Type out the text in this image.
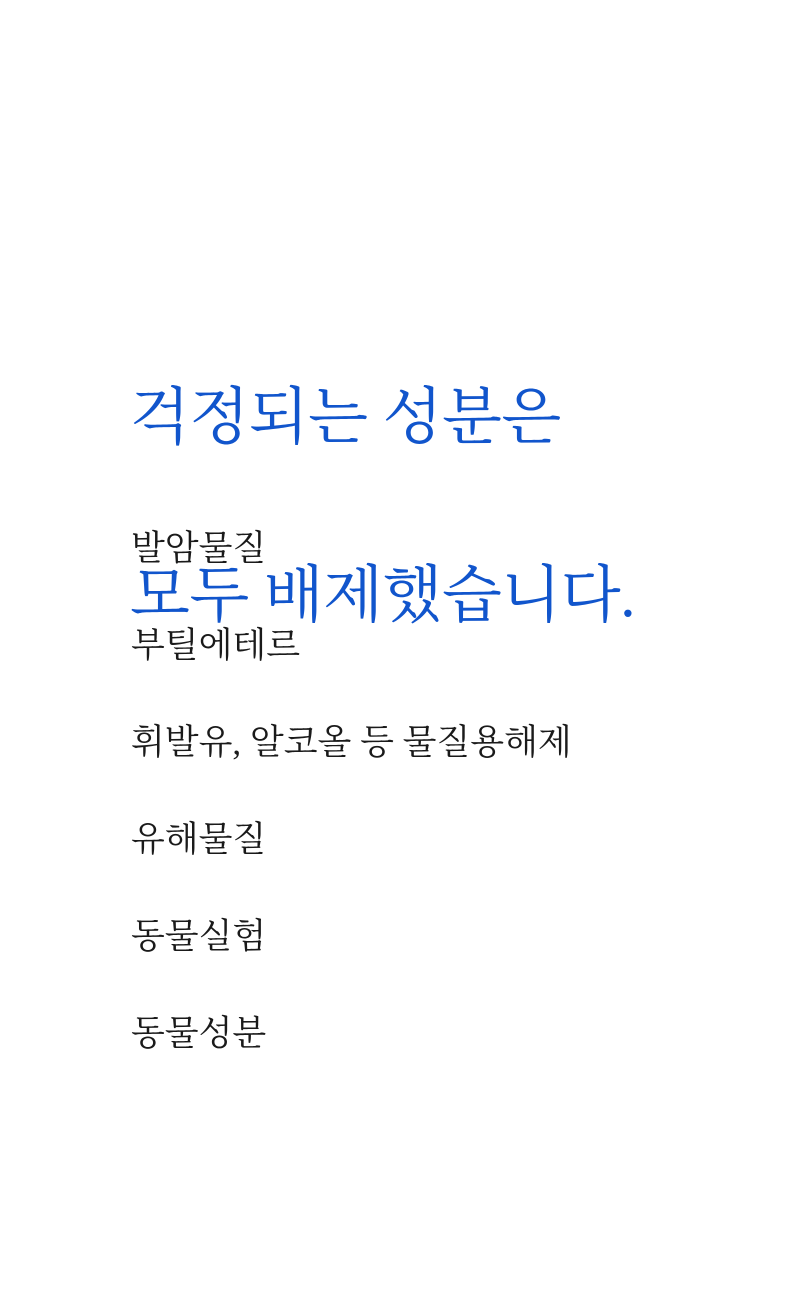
걱정되는 성분은

모두 배제했습니다.

발암물질
부틸에테르
휘발유, 알코올 등 물질용해제
유해물질
동물실험
동물성분
